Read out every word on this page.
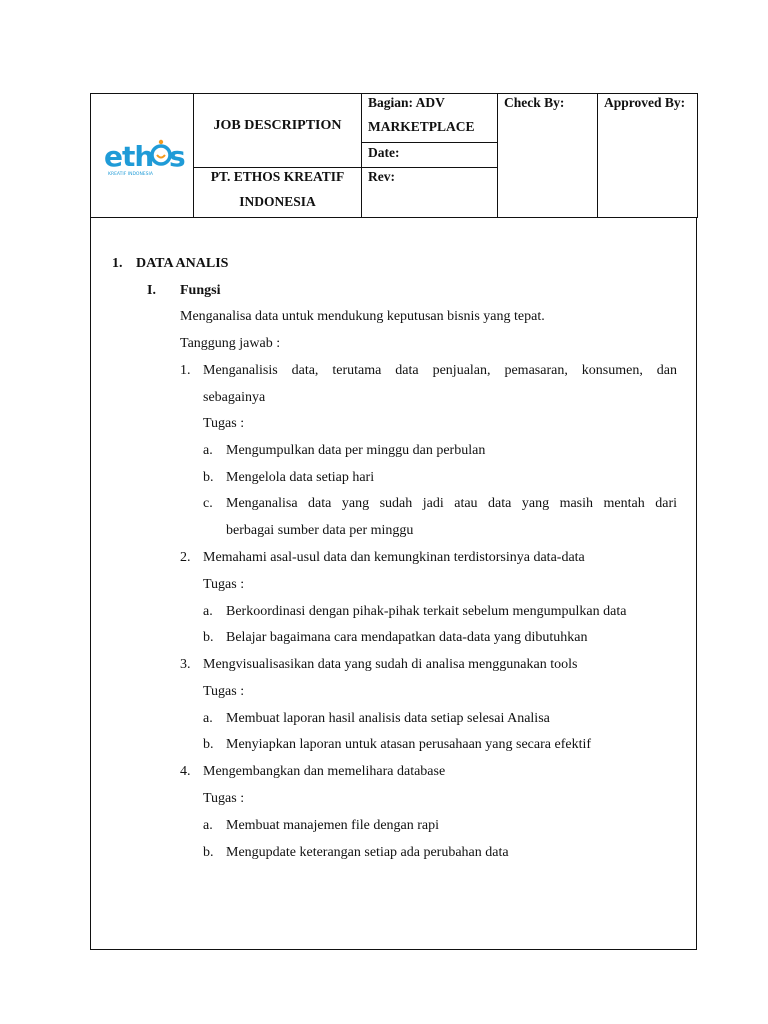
eth s
KREATIF INDONESIA
JOB DESCRIPTION
PT. ETHOS KREATIF
INDONESIA
Bagian: ADV
MARKETPLACE
Date:
Rev:
Check By:	Approved By:
1. DATA ANALIS
I. Fungsi
Menganalisa data untuk mendukung keputusan bisnis yang tepat.
Tanggung jawab :
1. Menganalisis data, terutama data penjualan, pemasaran, konsumen, dan
sebagainya
Tugas :
a. Mengumpulkan data per minggu dan perbulan
b. Mengelola data setiap hari
c. Menganalisa data yang sudah jadi atau data yang masih mentah dari
berbagai sumber data per minggu
2. Memahami asal-usul data dan kemungkinan terdistorsinya data-data
Tugas :
a. Berkoordinasi dengan pihak-pihak terkait sebelum mengumpulkan data
b. Belajar bagaimana cara mendapatkan data-data yang dibutuhkan
3. Mengvisualisasikan data yang sudah di analisa menggunakan tools
Tugas :
a. Membuat laporan hasil analisis data setiap selesai Analisa
b. Menyiapkan laporan untuk atasan perusahaan yang secara efektif
4. Mengembangkan dan memelihara database
Tugas :
a. Membuat manajemen file dengan rapi
b. Mengupdate keterangan setiap ada perubahan data
